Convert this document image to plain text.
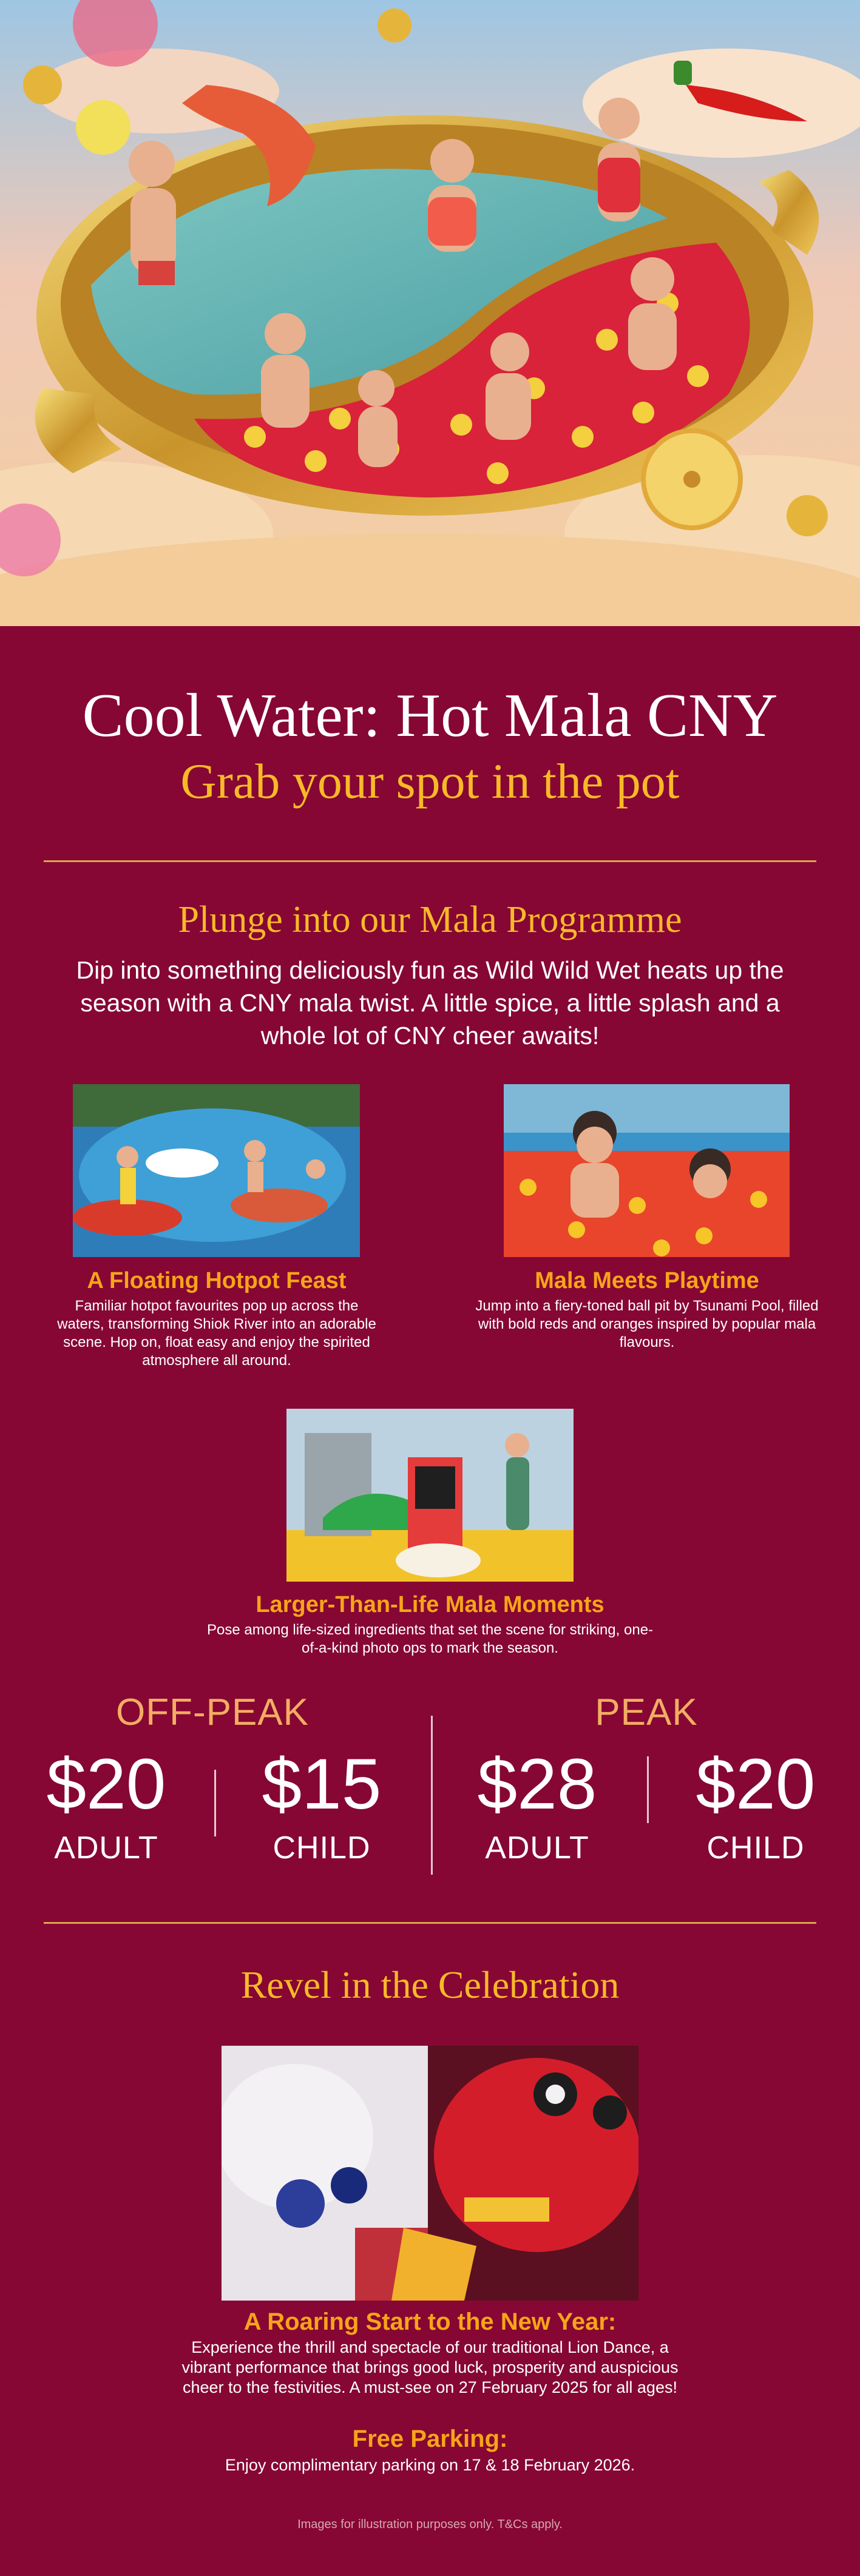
Cool Water: Hot Mala CNY
Grab your spot in the pot
Plunge into our Mala Programme
Dip into something deliciously fun as Wild Wild Wet heats up the season with a CNY mala twist. A little spice, a little splash and a whole lot of CNY cheer awaits!
A Floating Hotpot Feast
Familiar hotpot favourites pop up across the waters, transforming Shiok River into an adorable scene. Hop on, float easy and enjoy the spirited atmosphere all around.
Mala Meets Playtime
Jump into a fiery-toned ball pit by Tsunami Pool, filled with bold reds and oranges inspired by popular mala flavours.
Larger-Than-Life Mala Moments
Pose among life-sized ingredients that set the scene for striking, one-of-a-kind photo ops to mark the season.
OFF-PEAK	PEAK
$20
ADULT
$15
CHILD
$28
ADULT
$20
CHILD
Revel in the Celebration
A Roaring Start to the New Year:
Experience the thrill and spectacle of our traditional Lion Dance, a vibrant performance that brings good luck, prosperity and auspicious cheer to the festivities. A must-see on 27 February 2025 for all ages!
Free Parking:
Enjoy complimentary parking on 17 & 18 February 2026.
Images for illustration purposes only. T&Cs apply.
